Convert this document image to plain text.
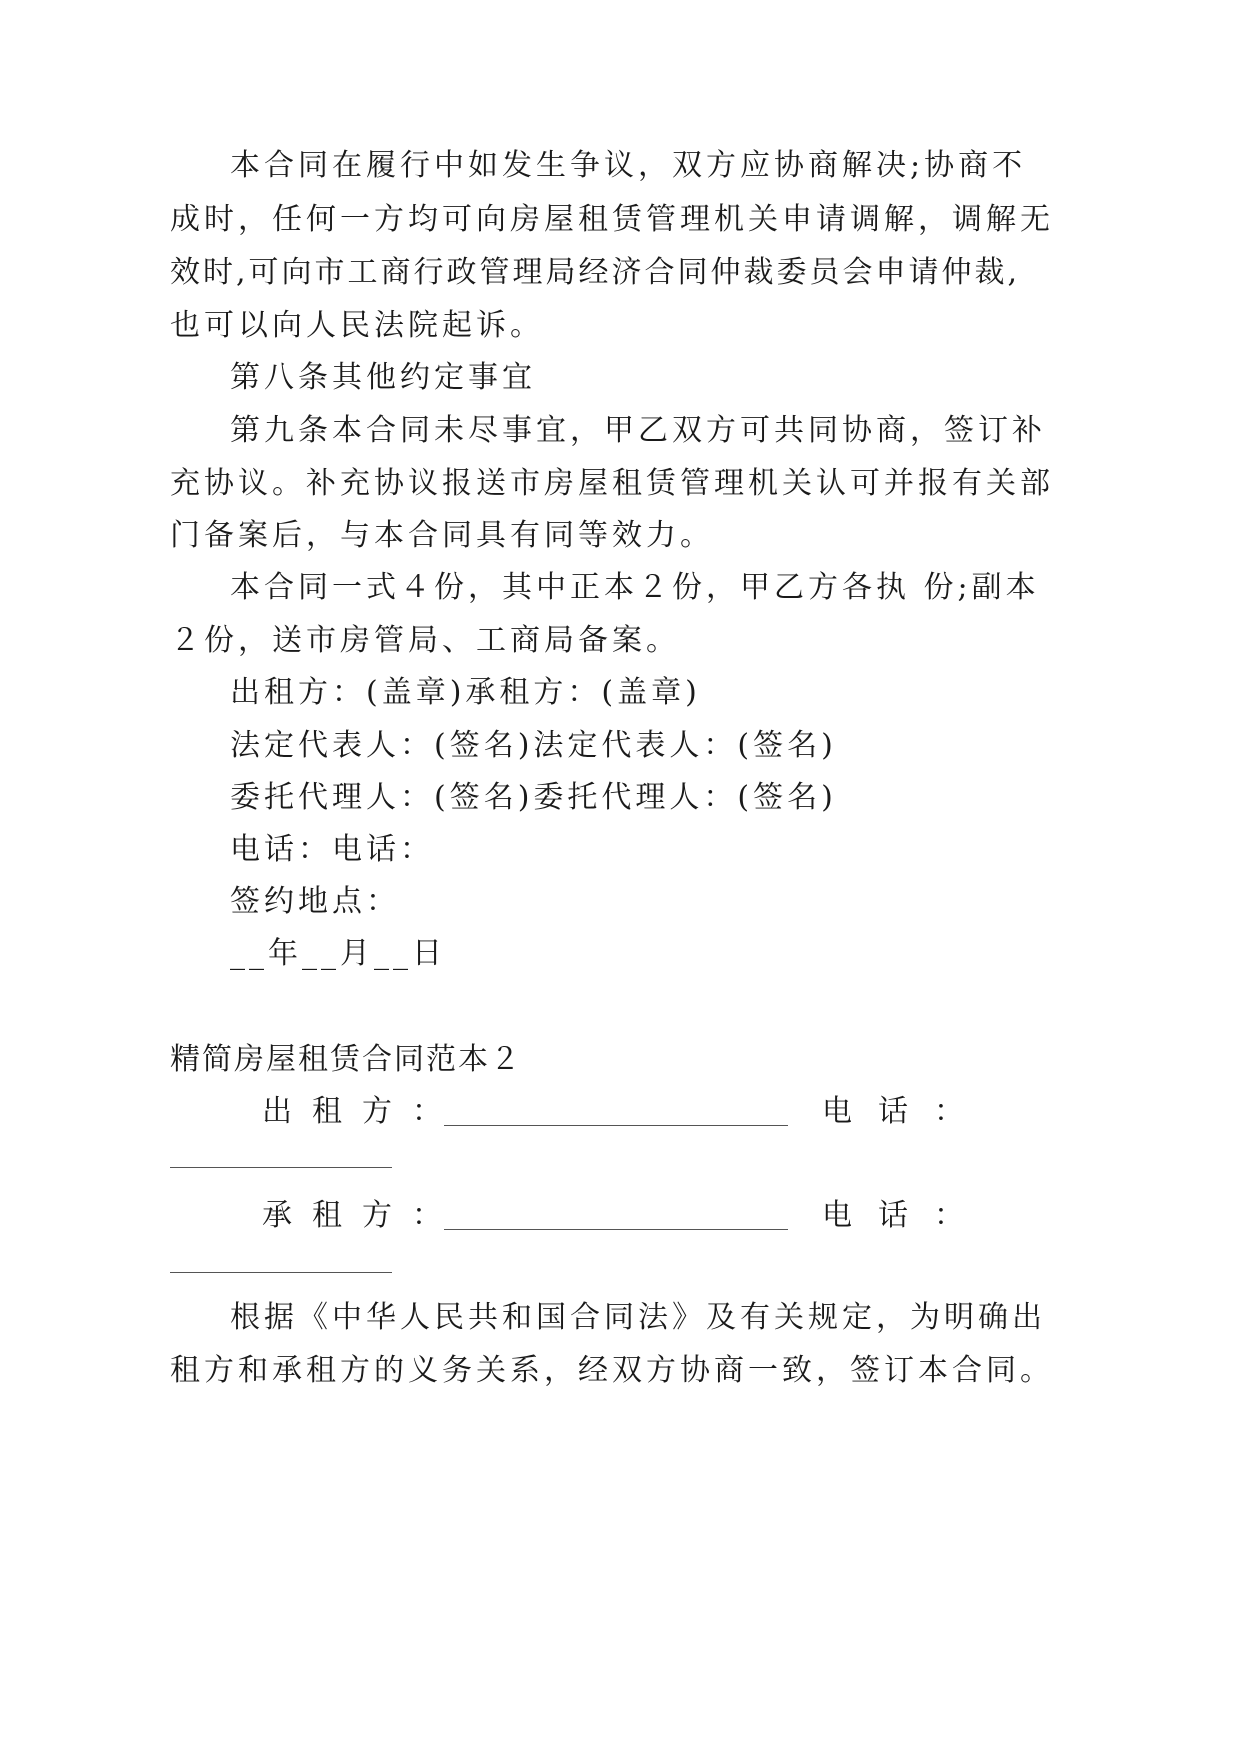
本合同在履行中如发生争议，双方应协商解决;协商不
成时，任何一方均可向房屋租赁管理机关申请调解，调解无
效时,可向市工商行政管理局经济合同仲裁委员会申请仲裁,
也可以向人民法院起诉。
第八条其他约定事宜
第九条本合同未尽事宜，甲乙双方可共同协商，签订补
充协议。补充协议报送市房屋租赁管理机关认可并报有关部
门备案后，与本合同具有同等效力。
本合同一式４份，其中正本２份，甲乙方各执 份;副本
２份，送市房管局、工商局备案。
出租方：(盖章)承租方：(盖章)
法定代表人：(签名)法定代表人：(签名)
委托代理人：(签名)委托代理人：(签名)
电话：电话：
签约地点：
__年__月__日
精简房屋租赁合同范本２
出租方：	电话：
承租方：	电话：
根据《中华人民共和国合同法》及有关规定，为明确出
租方和承租方的义务关系，经双方协商一致，签订本合同。
